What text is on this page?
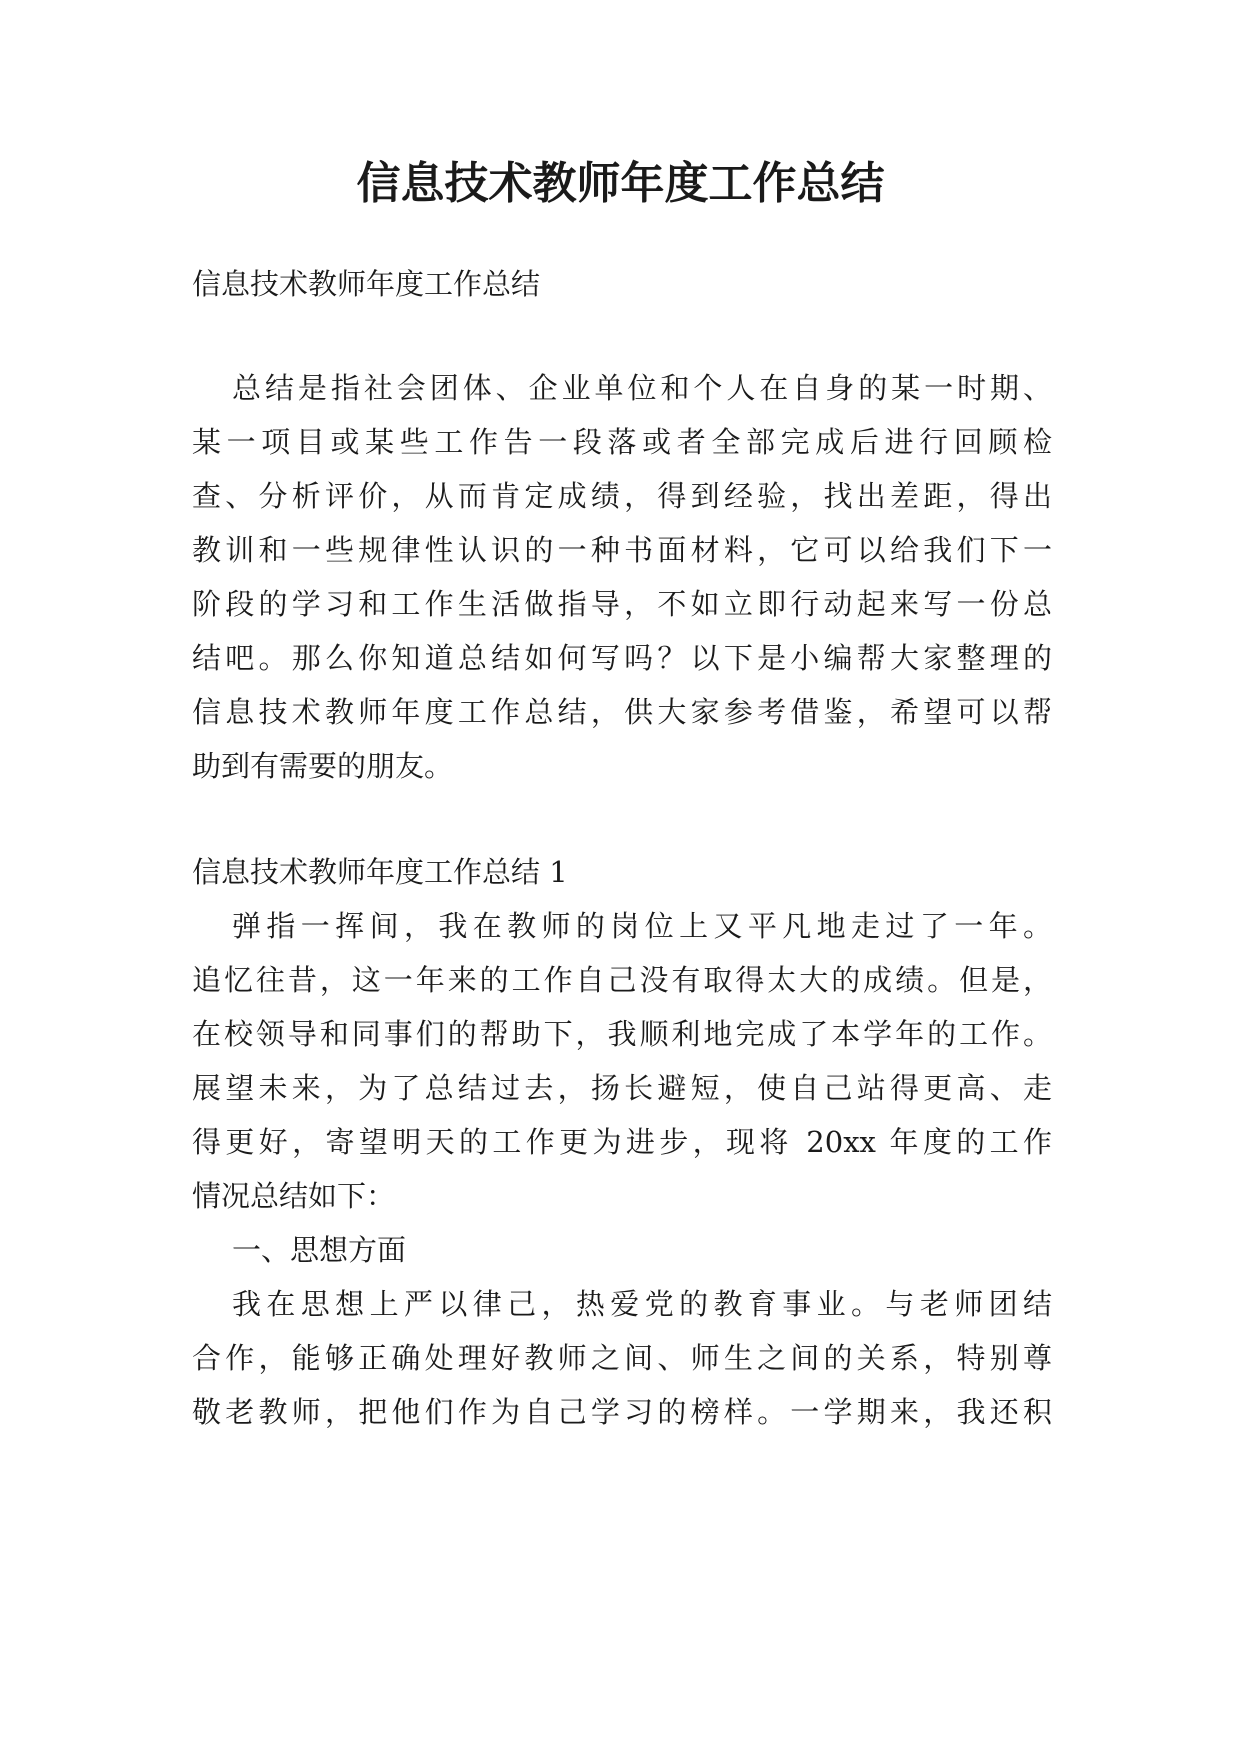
信息技术教师年度工作总结

信息技术教师年度工作总结

总结是指社会团体、企业单位和个人在自身的某一时期、

某一项目或某些工作告一段落或者全部完成后进行回顾检

查、分析评价，从而肯定成绩，得到经验，找出差距，得出

教训和一些规律性认识的一种书面材料，它可以给我们下一

阶段的学习和工作生活做指导，不如立即行动起来写一份总

结吧。那么你知道总结如何写吗？以下是小编帮大家整理的

信息技术教师年度工作总结，供大家参考借鉴，希望可以帮

助到有需要的朋友。

信息技术教师年度工作总结 1

弹指一挥间，我在教师的岗位上又平凡地走过了一年。

追忆往昔，这一年来的工作自己没有取得太大的成绩。但是，

在校领导和同事们的帮助下，我顺利地完成了本学年的工作。

展望未来，为了总结过去，扬长避短，使自己站得更高、走

得更好，寄望明天的工作更为进步，现将 20xx 年度的工作

情况总结如下：

一、思想方面

我在思想上严以律己，热爱党的教育事业。与老师团结

合作，能够正确处理好教师之间、师生之间的关系，特别尊

敬老教师，把他们作为自己学习的榜样。一学期来，我还积
